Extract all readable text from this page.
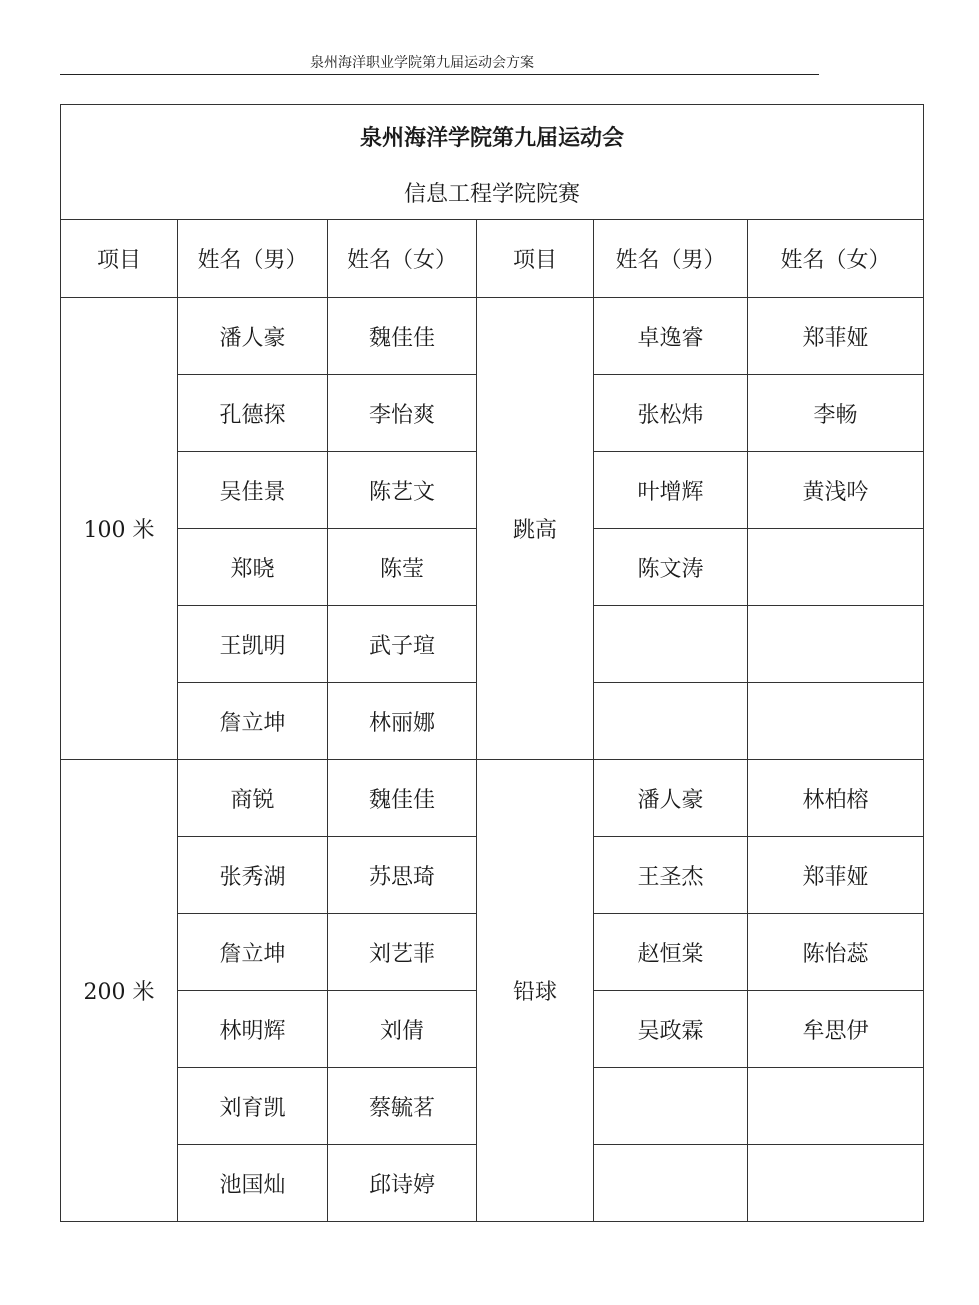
泉州海洋职业学院第九届运动会方案
泉州海洋学院第九届运动会
信息工程学院院赛					

项目	姓名（男）	姓名（女）	项目	姓名（男）	姓名（女）
100 米	潘人豪	魏佳佳	跳高	卓逸睿	郑菲娅
	孔德探	李怡爽		张松炜	李畅
	吴佳景	陈艺文		叶增辉	黄浅吟
	郑晓	陈莹		陈文涛	
	王凯明	武子瑄			
	詹立坤	林丽娜			
200 米	商锐	魏佳佳	铅球	潘人豪	林柏榕
	张秀湖	苏思琦		王圣杰	郑菲娅
	詹立坤	刘艺菲		赵恒棠	陈怡蕊
	林明辉	刘倩		吴政霖	牟思伊
	刘育凯	蔡毓茗			
	池国灿	邱诗婷			
